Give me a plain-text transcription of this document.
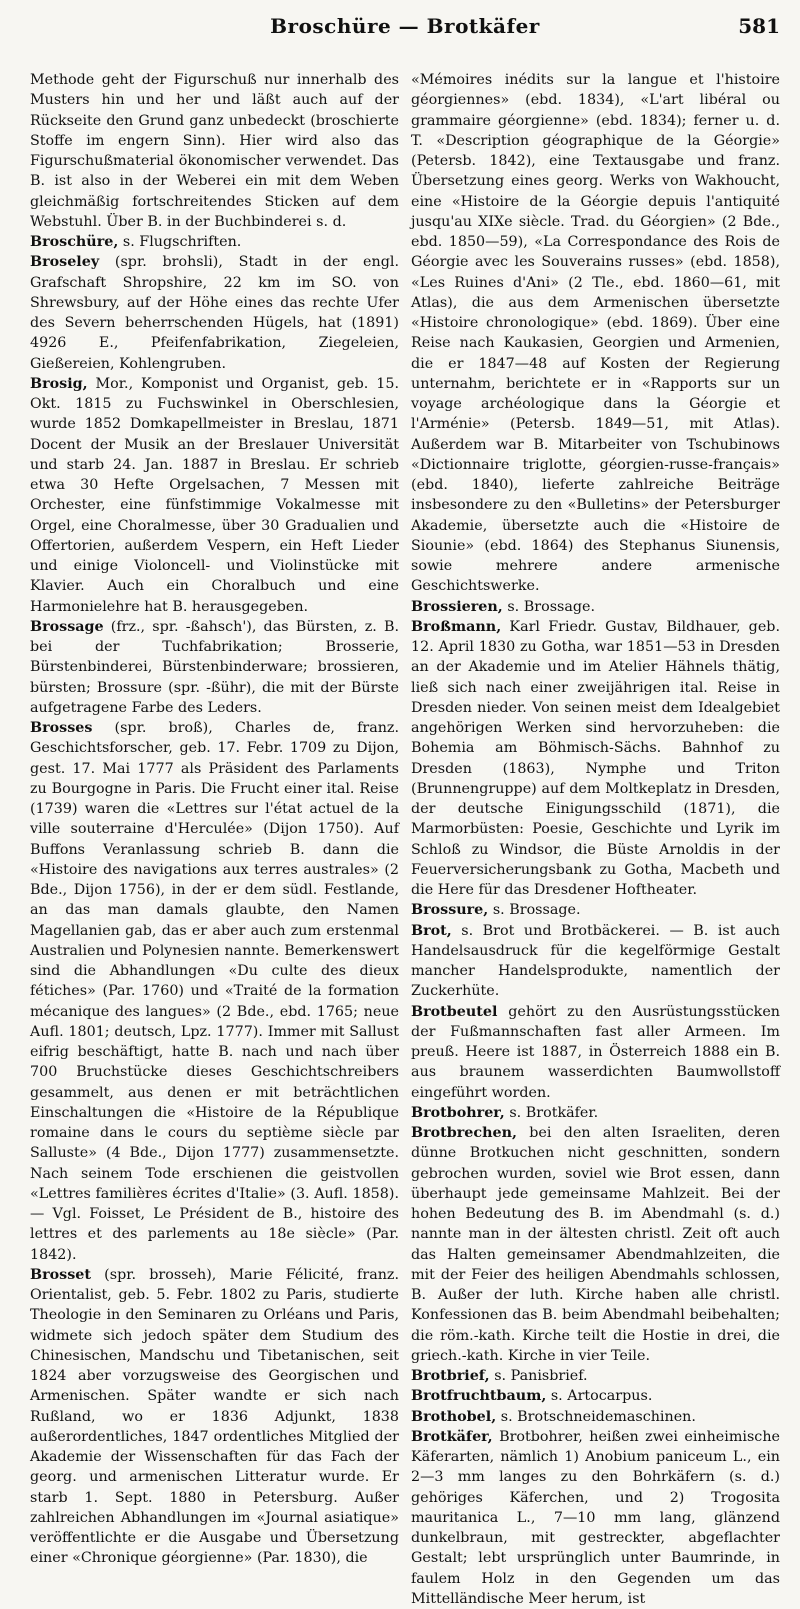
Broschüre — Brotkäfer	581

Methode geht der Figurschuß nur innerhalb des Musters hin und her und läßt auch auf der Rückseite den Grund ganz unbedeckt (broschierte Stoffe im engern Sinn). Hier wird also das Figurschußmaterial ökonomischer verwendet. Das B. ist also in der Weberei ein mit dem Weben gleichmäßig fortschreitendes Sticken auf dem Webstuhl. Über B. in der Buchbinderei s. d.

Broschüre, s. Flugschriften.

Broseley (spr. brohsli), Stadt in der engl. Grafschaft Shropshire, 22 km im SO. von Shrewsbury, auf der Höhe eines das rechte Ufer des Severn beherrschenden Hügels, hat (1891) 4926 E., Pfeifenfabrikation, Ziegeleien, Gießereien, Kohlengruben.

Brosig, Mor., Komponist und Organist, geb. 15. Okt. 1815 zu Fuchswinkel in Oberschlesien, wurde 1852 Domkapellmeister in Breslau, 1871 Docent der Musik an der Breslauer Universität und starb 24. Jan. 1887 in Breslau. Er schrieb etwa 30 Hefte Orgelsachen, 7 Messen mit Orchester, eine fünfstimmige Vokalmesse mit Orgel, eine Choralmesse, über 30 Gradualien und Offertorien, außerdem Vespern, ein Heft Lieder und einige Violoncell- und Violinstücke mit Klavier. Auch ein Choralbuch und eine Harmonielehre hat B. herausgegeben.

Brossage (frz., spr. -ßahsch'), das Bürsten, z. B. bei der Tuchfabrikation; Brosserie, Bürstenbinderei, Bürstenbinderware; brossieren, bürsten; Brossure (spr. -ßühr), die mit der Bürste aufgetragene Farbe des Leders.

Brosses (spr. broß), Charles de, franz. Geschichtsforscher, geb. 17. Febr. 1709 zu Dijon, gest. 17. Mai 1777 als Präsident des Parlaments zu Bourgogne in Paris. Die Frucht einer ital. Reise (1739) waren die «Lettres sur l'état actuel de la ville souterraine d'Herculée» (Dijon 1750). Auf Buffons Veranlassung schrieb B. dann die «Histoire des navigations aux terres australes» (2 Bde., Dijon 1756), in der er dem südl. Festlande, an das man damals glaubte, den Namen Magellanien gab, das er aber auch zum erstenmal Australien und Polynesien nannte. Bemerkenswert sind die Abhandlungen «Du culte des dieux fétiches» (Par. 1760) und «Traité de la formation mécanique des langues» (2 Bde., ebd. 1765; neue Aufl. 1801; deutsch, Lpz. 1777). Immer mit Sallust eifrig beschäftigt, hatte B. nach und nach über 700 Bruchstücke dieses Geschichtschreibers gesammelt, aus denen er mit beträchtlichen Einschaltungen die «Histoire de la République romaine dans le cours du septième siècle par Salluste» (4 Bde., Dijon 1777) zusammensetzte. Nach seinem Tode erschienen die geistvollen «Lettres familières écrites d'Italie» (3. Aufl. 1858). — Vgl. Foisset, Le Président de B., histoire des lettres et des parlements au 18e siècle» (Par. 1842).

Brosset (spr. brosseh), Marie Félicité, franz. Orientalist, geb. 5. Febr. 1802 zu Paris, studierte Theologie in den Seminaren zu Orléans und Paris, widmete sich jedoch später dem Studium des Chinesischen, Mandschu und Tibetanischen, seit 1824 aber vorzugsweise des Georgischen und Armenischen. Später wandte er sich nach Rußland, wo er 1836 Adjunkt, 1838 außerordentliches, 1847 ordentliches Mitglied der Akademie der Wissenschaften für das Fach der georg. und armenischen Litteratur wurde. Er starb 1. Sept. 1880 in Petersburg. Außer zahlreichen Abhandlungen im «Journal asiatique» veröffentlichte er die Ausgabe und Übersetzung einer «Chronique géorgienne» (Par. 1830), die

«Mémoires inédits sur la langue et l'histoire géorgiennes» (ebd. 1834), «L'art libéral ou grammaire géorgienne» (ebd. 1834); ferner u. d. T. «Description géographique de la Géorgie» (Petersb. 1842), eine Textausgabe und franz. Übersetzung eines georg. Werks von Wakhoucht, eine «Histoire de la Géorgie depuis l'antiquité jusqu'au XIXe siècle. Trad. du Géorgien» (2 Bde., ebd. 1850—59), «La Correspondance des Rois de Géorgie avec les Souverains russes» (ebd. 1858), «Les Ruines d'Ani» (2 Tle., ebd. 1860—61, mit Atlas), die aus dem Armenischen übersetzte «Histoire chronologique» (ebd. 1869). Über eine Reise nach Kaukasien, Georgien und Armenien, die er 1847—48 auf Kosten der Regierung unternahm, berichtete er in «Rapports sur un voyage archéologique dans la Géorgie et l'Arménie» (Petersb. 1849—51, mit Atlas). Außerdem war B. Mitarbeiter von Tschubinows «Dictionnaire triglotte, géorgien-russe-français» (ebd. 1840), lieferte zahlreiche Beiträge insbesondere zu den «Bulletins» der Petersburger Akademie, übersetzte auch die «Histoire de Siounie» (ebd. 1864) des Stephanus Siunensis, sowie mehrere andere armenische Geschichtswerke.

Brossieren, s. Brossage.

Broßmann, Karl Friedr. Gustav, Bildhauer, geb. 12. April 1830 zu Gotha, war 1851—53 in Dresden an der Akademie und im Atelier Hähnels thätig, ließ sich nach einer zweijährigen ital. Reise in Dresden nieder. Von seinen meist dem Idealgebiet angehörigen Werken sind hervorzuheben: die Bohemia am Böhmisch-Sächs. Bahnhof zu Dresden (1863), Nymphe und Triton (Brunnengruppe) auf dem Moltkeplatz in Dresden, der deutsche Einigungsschild (1871), die Marmorbüsten: Poesie, Geschichte und Lyrik im Schloß zu Windsor, die Büste Arnoldis in der Feuerversicherungsbank zu Gotha, Macbeth und die Here für das Dresdener Hoftheater.

Brossure, s. Brossage.

Brot, s. Brot und Brotbäckerei. — B. ist auch Handelsausdruck für die kegelförmige Gestalt mancher Handelsprodukte, namentlich der Zuckerhüte.

Brotbeutel gehört zu den Ausrüstungsstücken der Fußmannschaften fast aller Armeen. Im preuß. Heere ist 1887, in Österreich 1888 ein B. aus braunem wasserdichten Baumwollstoff eingeführt worden.

Brotbohrer, s. Brotkäfer.

Brotbrechen, bei den alten Israeliten, deren dünne Brotkuchen nicht geschnitten, sondern gebrochen wurden, soviel wie Brot essen, dann überhaupt jede gemeinsame Mahlzeit. Bei der hohen Bedeutung des B. im Abendmahl (s. d.) nannte man in der ältesten christl. Zeit oft auch das Halten gemeinsamer Abendmahlzeiten, die mit der Feier des heiligen Abendmahls schlossen, B. Außer der luth. Kirche haben alle christl. Konfessionen das B. beim Abendmahl beibehalten; die röm.-kath. Kirche teilt die Hostie in drei, die griech.-kath. Kirche in vier Teile.

Brotbrief, s. Panisbrief.

Brotfruchtbaum, s. Artocarpus.

Brothobel, s. Brotschneidemaschinen.

Brotkäfer, Brotbohrer, heißen zwei einheimische Käferarten, nämlich 1) Anobium paniceum L., ein 2—3 mm langes zu den Bohrkäfern (s. d.) gehöriges Käferchen, und 2) Trogosita mauritanica L., 7—10 mm lang, glänzend dunkelbraun, mit gestreckter, abgeflachter Gestalt; lebt ursprünglich unter Baumrinde, in faulem Holz in den Gegenden um das Mittelländische Meer herum, ist
